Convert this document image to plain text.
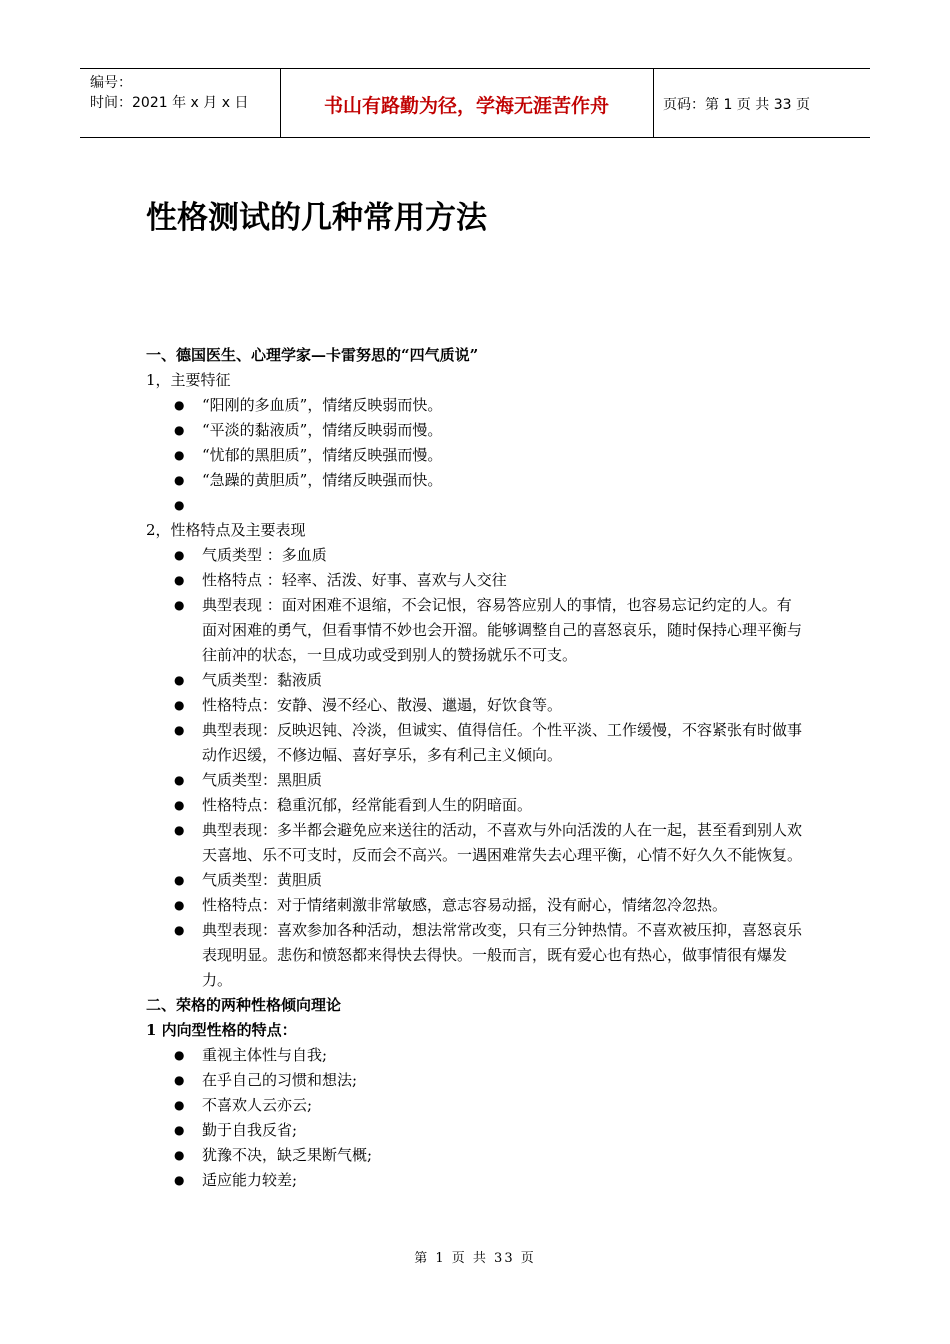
编号：
时间：2021 年 x 月 x 日	书山有路勤为径，学海无涯苦作舟	页码：第 1 页 共 33 页
性格测试的几种常用方法
一、德国医生、心理学家—卡雷努思的“四气质说”
1，主要特征
● “阳刚的多血质”，情绪反映弱而快。
● “平淡的黏液质”，情绪反映弱而慢。
● “忧郁的黑胆质”，情绪反映强而慢。
● “急躁的黄胆质”，情绪反映强而快。
●
2，性格特点及主要表现
● 气质类型 ：多血质
● 性格特点 ：轻率、活泼、好事、喜欢与人交往
● 典型表现 ：面对困难不退缩，不会记恨，容易答应别人的事情，也容易忘记约定的人。有面对困难的勇气，但看事情不妙也会开溜。能够调整自己的喜怒哀乐，随时保持心理平衡与往前冲的状态，一旦成功或受到别人的赞扬就乐不可支。
● 气质类型：黏液质
● 性格特点：安静、漫不经心、散漫、邋遢，好饮食等。
● 典型表现：反映迟钝、冷淡，但诚实、值得信任。个性平淡、工作缓慢，不容紧张有时做事动作迟缓，不修边幅、喜好享乐，多有利己主义倾向。
● 气质类型：黑胆质
● 性格特点：稳重沉郁，经常能看到人生的阴暗面。
● 典型表现：多半都会避免应来送往的活动，不喜欢与外向活泼的人在一起，甚至看到别人欢天喜地、乐不可支时，反而会不高兴。一遇困难常失去心理平衡，心情不好久久不能恢复。
● 气质类型：黄胆质
● 性格特点：对于情绪刺激非常敏感，意志容易动摇，没有耐心，情绪忽冷忽热。
● 典型表现：喜欢参加各种活动，想法常常改变，只有三分钟热情。不喜欢被压抑，喜怒哀乐表现明显。悲伤和愤怒都来得快去得快。一般而言，既有爱心也有热心，做事情很有爆发力。
二、荣格的两种性格倾向理论
1 内向型性格的特点：
● 重视主体性与自我;
● 在乎自己的习惯和想法;
● 不喜欢人云亦云;
● 勤于自我反省;
● 犹豫不决，缺乏果断气概;
● 适应能力较差;
第 1 页 共 33 页
